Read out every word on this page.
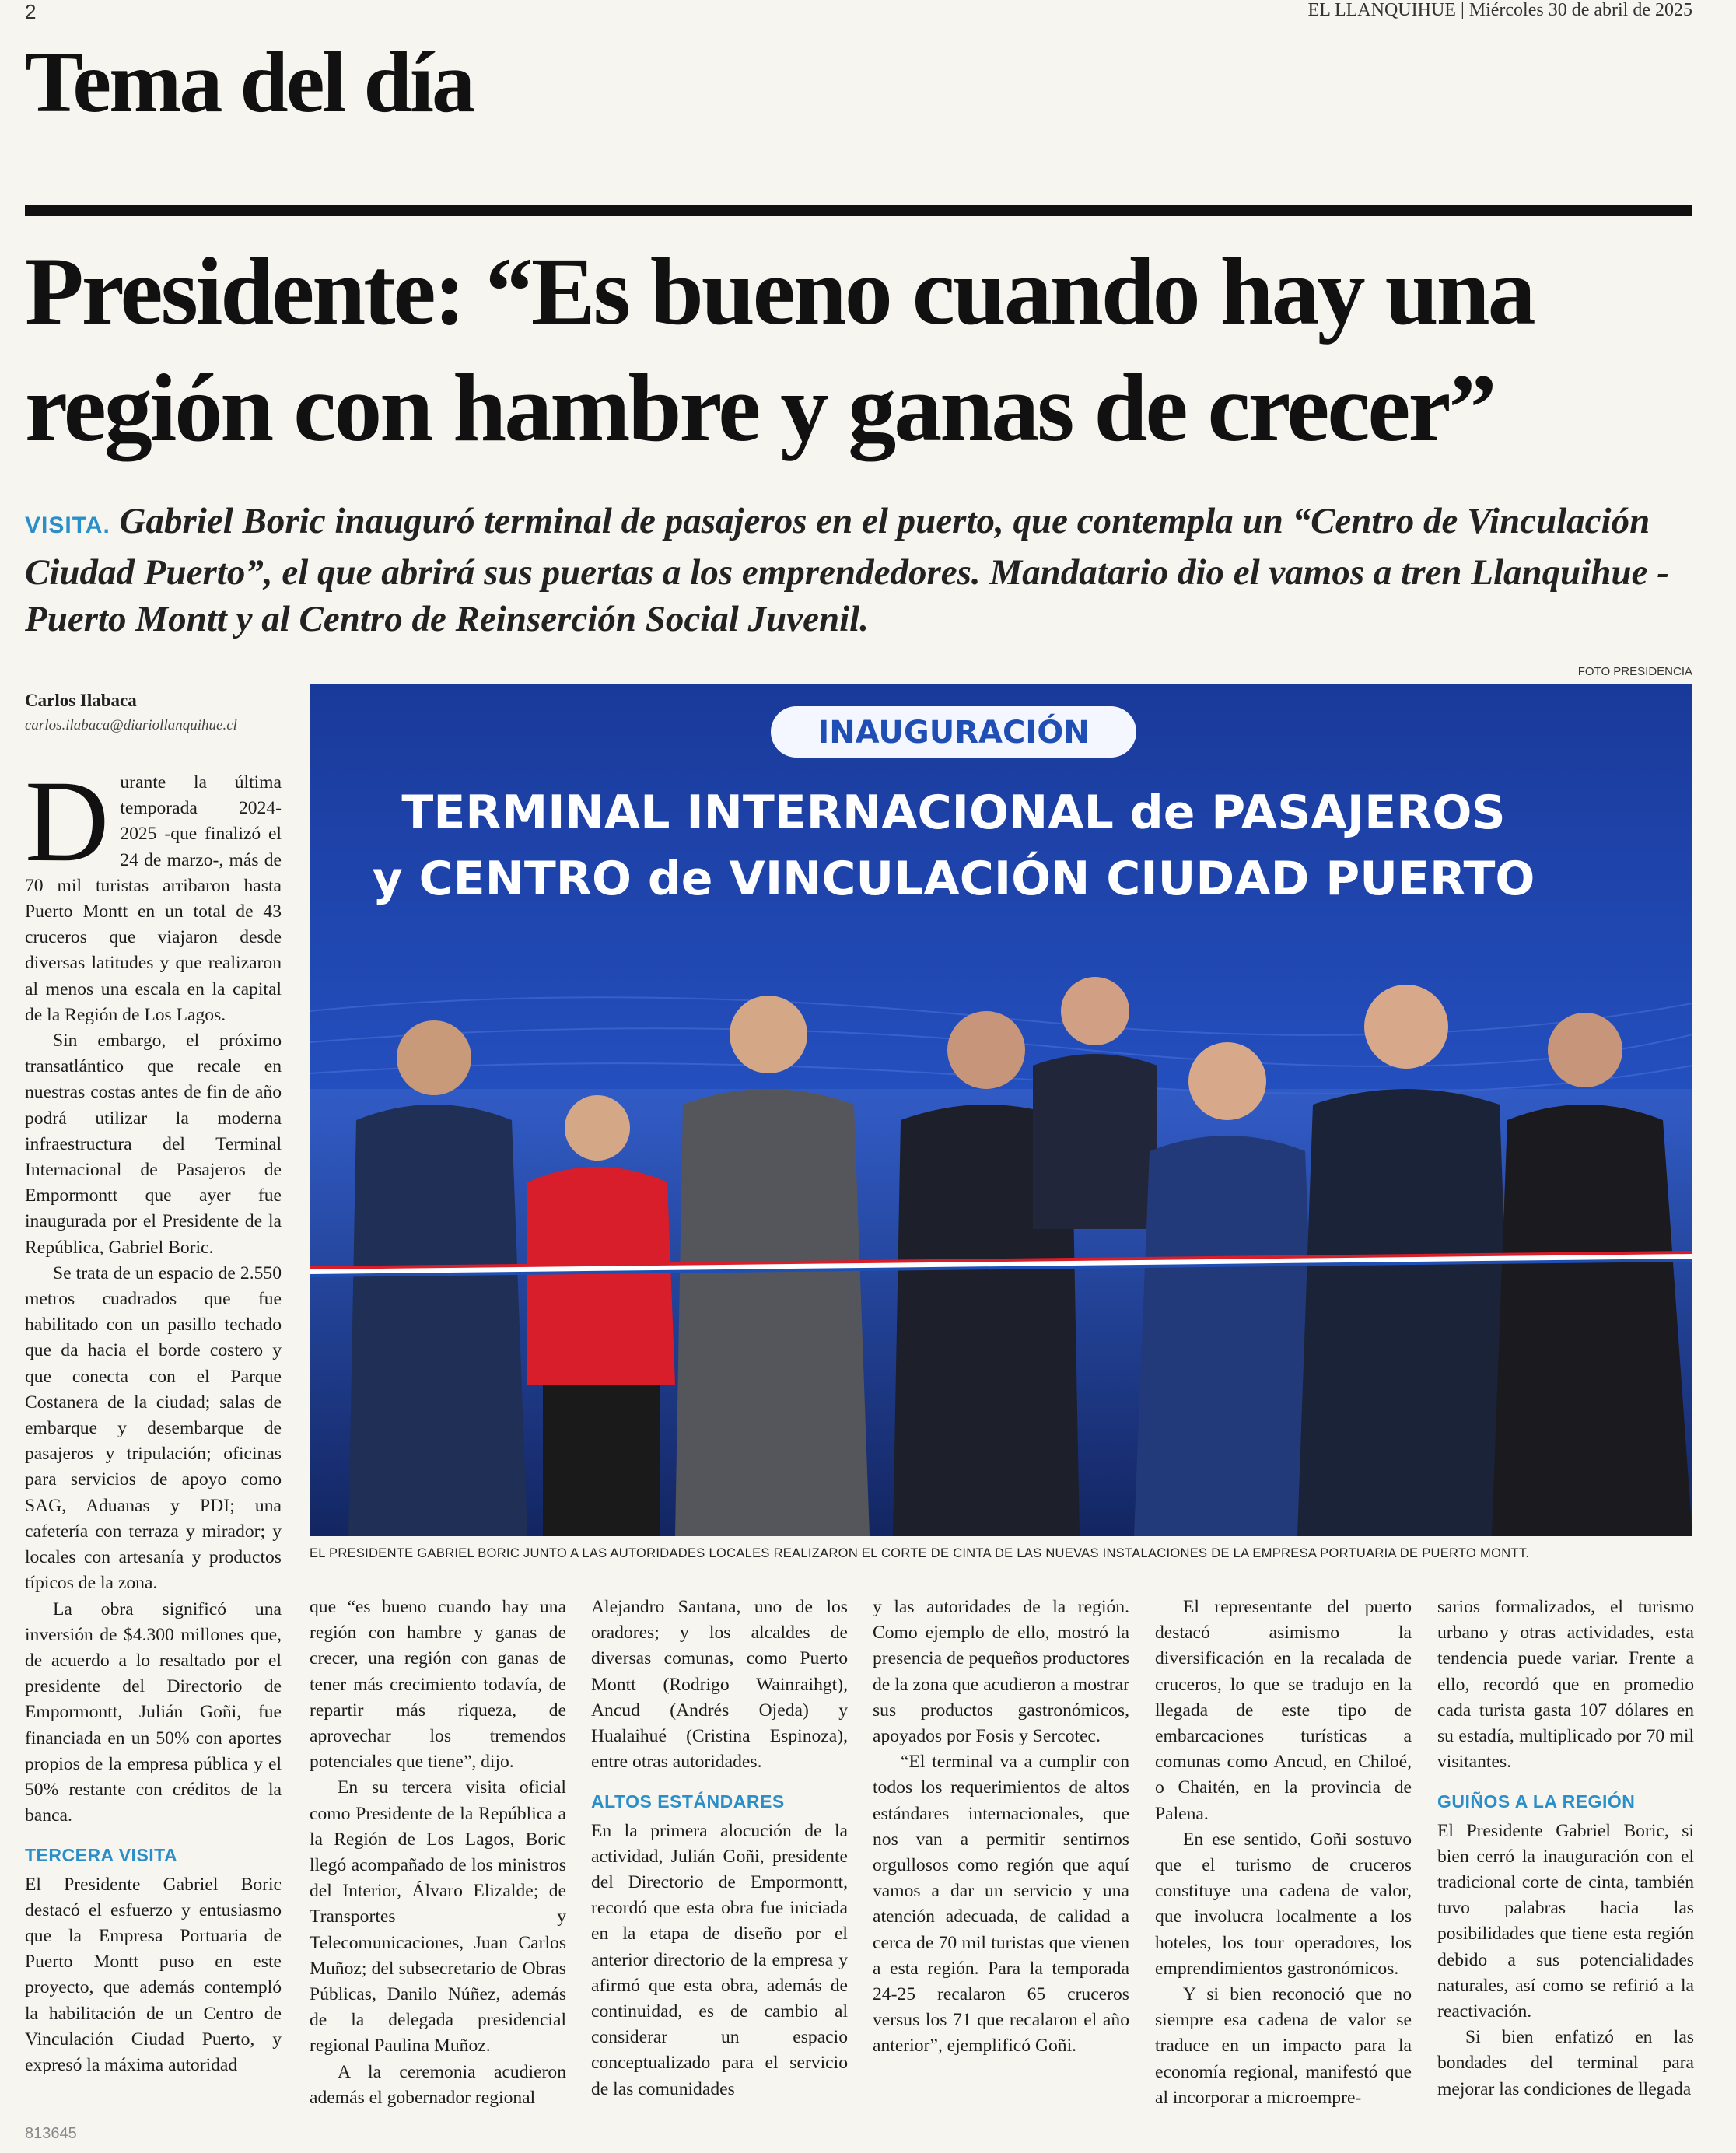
2	EL LLANQUIHUE | Miércoles 30 de abril de 2025
Tema del día
Presidente: “Es bueno cuando hay una región con hambre y ganas de crecer”
VISITA. Gabriel Boric inauguró terminal de pasajeros en el puerto, que contempla un “Centro de Vinculación Ciudad Puerto”, el que abrirá sus puertas a los emprendedores. Mandatario dio el vamos a tren Llanquihue - Puerto Montt y al Centro de Reinserción Social Juvenil.
Carlos Ilabaca
carlos.ilabaca@diariollanquihue.cl
FOTO PRESIDENCIA
INAUGURACIÓN
TERMINAL INTERNACIONAL de PASAJEROS
y CENTRO de VINCULACIÓN CIUDAD PUERTO
EL PRESIDENTE GABRIEL BORIC JUNTO A LAS AUTORIDADES LOCALES REALIZARON EL CORTE DE CINTA DE LAS NUEVAS INSTALACIONES DE LA EMPRESA PORTUARIA DE PUERTO MONTT.

Durante la última temporada 2024-2025 -que finalizó el 24 de marzo-, más de 70 mil turistas arribaron hasta Puerto Montt en un total de 43 cruceros que viajaron desde diversas latitudes y que realizaron al menos una escala en la capital de la Región de Los Lagos.

Sin embargo, el próximo transatlántico que recale en nuestras costas antes de fin de año podrá utilizar la moderna infraestructura del Terminal Internacional de Pasajeros de Empormontt que ayer fue inaugurada por el Presidente de la República, Gabriel Boric.

Se trata de un espacio de 2.550 metros cuadrados que fue habilitado con un pasillo techado que da hacia el borde costero y que conecta con el Parque Costanera de la ciudad; salas de embarque y desembarque de pasajeros y tripulación; oficinas para servicios de apoyo como SAG, Aduanas y PDI; una cafetería con terraza y mirador; y locales con artesanía y productos típicos de la zona.

La obra significó una inversión de $4.300 millones que, de acuerdo a lo resaltado por el presidente del Directorio de Empormontt, Julián Goñi, fue financiada en un 50% con aportes propios de la empresa pública y el 50% restante con créditos de la banca.

TERCERA VISITA

El Presidente Gabriel Boric destacó el esfuerzo y entusiasmo que la Empresa Portuaria de Puerto Montt puso en este proyecto, que además contempló la habilitación de un Centro de Vinculación Ciudad Puerto, y expresó la máxima autoridad

que “es bueno cuando hay una región con hambre y ganas de crecer, una región con ganas de tener más crecimiento todavía, de repartir más riqueza, de aprovechar los tremendos potenciales que tiene”, dijo.

En su tercera visita oficial como Presidente de la República a la Región de Los Lagos, Boric llegó acompañado de los ministros del Interior, Álvaro Elizalde; de Transportes y Telecomunicaciones, Juan Carlos Muñoz; del subsecretario de Obras Públicas, Danilo Núñez, además de la delegada presidencial regional Paulina Muñoz.

A la ceremonia acudieron además el gobernador regional

Alejandro Santana, uno de los oradores; y los alcaldes de diversas comunas, como Puerto Montt (Rodrigo Wainraihgt), Ancud (Andrés Ojeda) y Hualaihué (Cristina Espinoza), entre otras autoridades.

ALTOS ESTÁNDARES

En la primera alocución de la actividad, Julián Goñi, presidente del Directorio de Empormontt, recordó que esta obra fue iniciada en la etapa de diseño por el anterior directorio de la empresa y afirmó que esta obra, además de continuidad, es de cambio al considerar un espacio conceptualizado para el servicio de las comunidades

y las autoridades de la región. Como ejemplo de ello, mostró la presencia de pequeños productores de la zona que acudieron a mostrar sus productos gastronómicos, apoyados por Fosis y Sercotec.

“El terminal va a cumplir con todos los requerimientos de altos estándares internacionales, que nos van a permitir sentirnos orgullosos como región que aquí vamos a dar un servicio y una atención adecuada, de calidad a cerca de 70 mil turistas que vienen a esta región. Para la temporada 24-25 recalaron 65 cruceros versus los 71 que recalaron el año anterior”, ejemplificó Goñi.

El representante del puerto destacó asimismo la diversificación en la recalada de cruceros, lo que se tradujo en la llegada de este tipo de embarcaciones turísticas a comunas como Ancud, en Chiloé, o Chaitén, en la provincia de Palena.

En ese sentido, Goñi sostuvo que el turismo de cruceros constituye una cadena de valor, que involucra localmente a los hoteles, los tour operadores, los emprendimientos gastronómicos.

Y si bien reconoció que no siempre esa cadena de valor se traduce en un impacto para la economía regional, manifestó que al incorporar a microempre-

sarios formalizados, el turismo urbano y otras actividades, esta tendencia puede variar. Frente a ello, recordó que en promedio cada turista gasta 107 dólares en su estadía, multiplicado por 70 mil visitantes.

GUIÑOS A LA REGIÓN

El Presidente Gabriel Boric, si bien cerró la inauguración con el tradicional corte de cinta, también tuvo palabras hacia las posibilidades que tiene esta región debido a sus potencialidades naturales, así como se refirió a la reactivación.

Si bien enfatizó en las bondades del terminal para mejorar las condiciones de llegada

813645
